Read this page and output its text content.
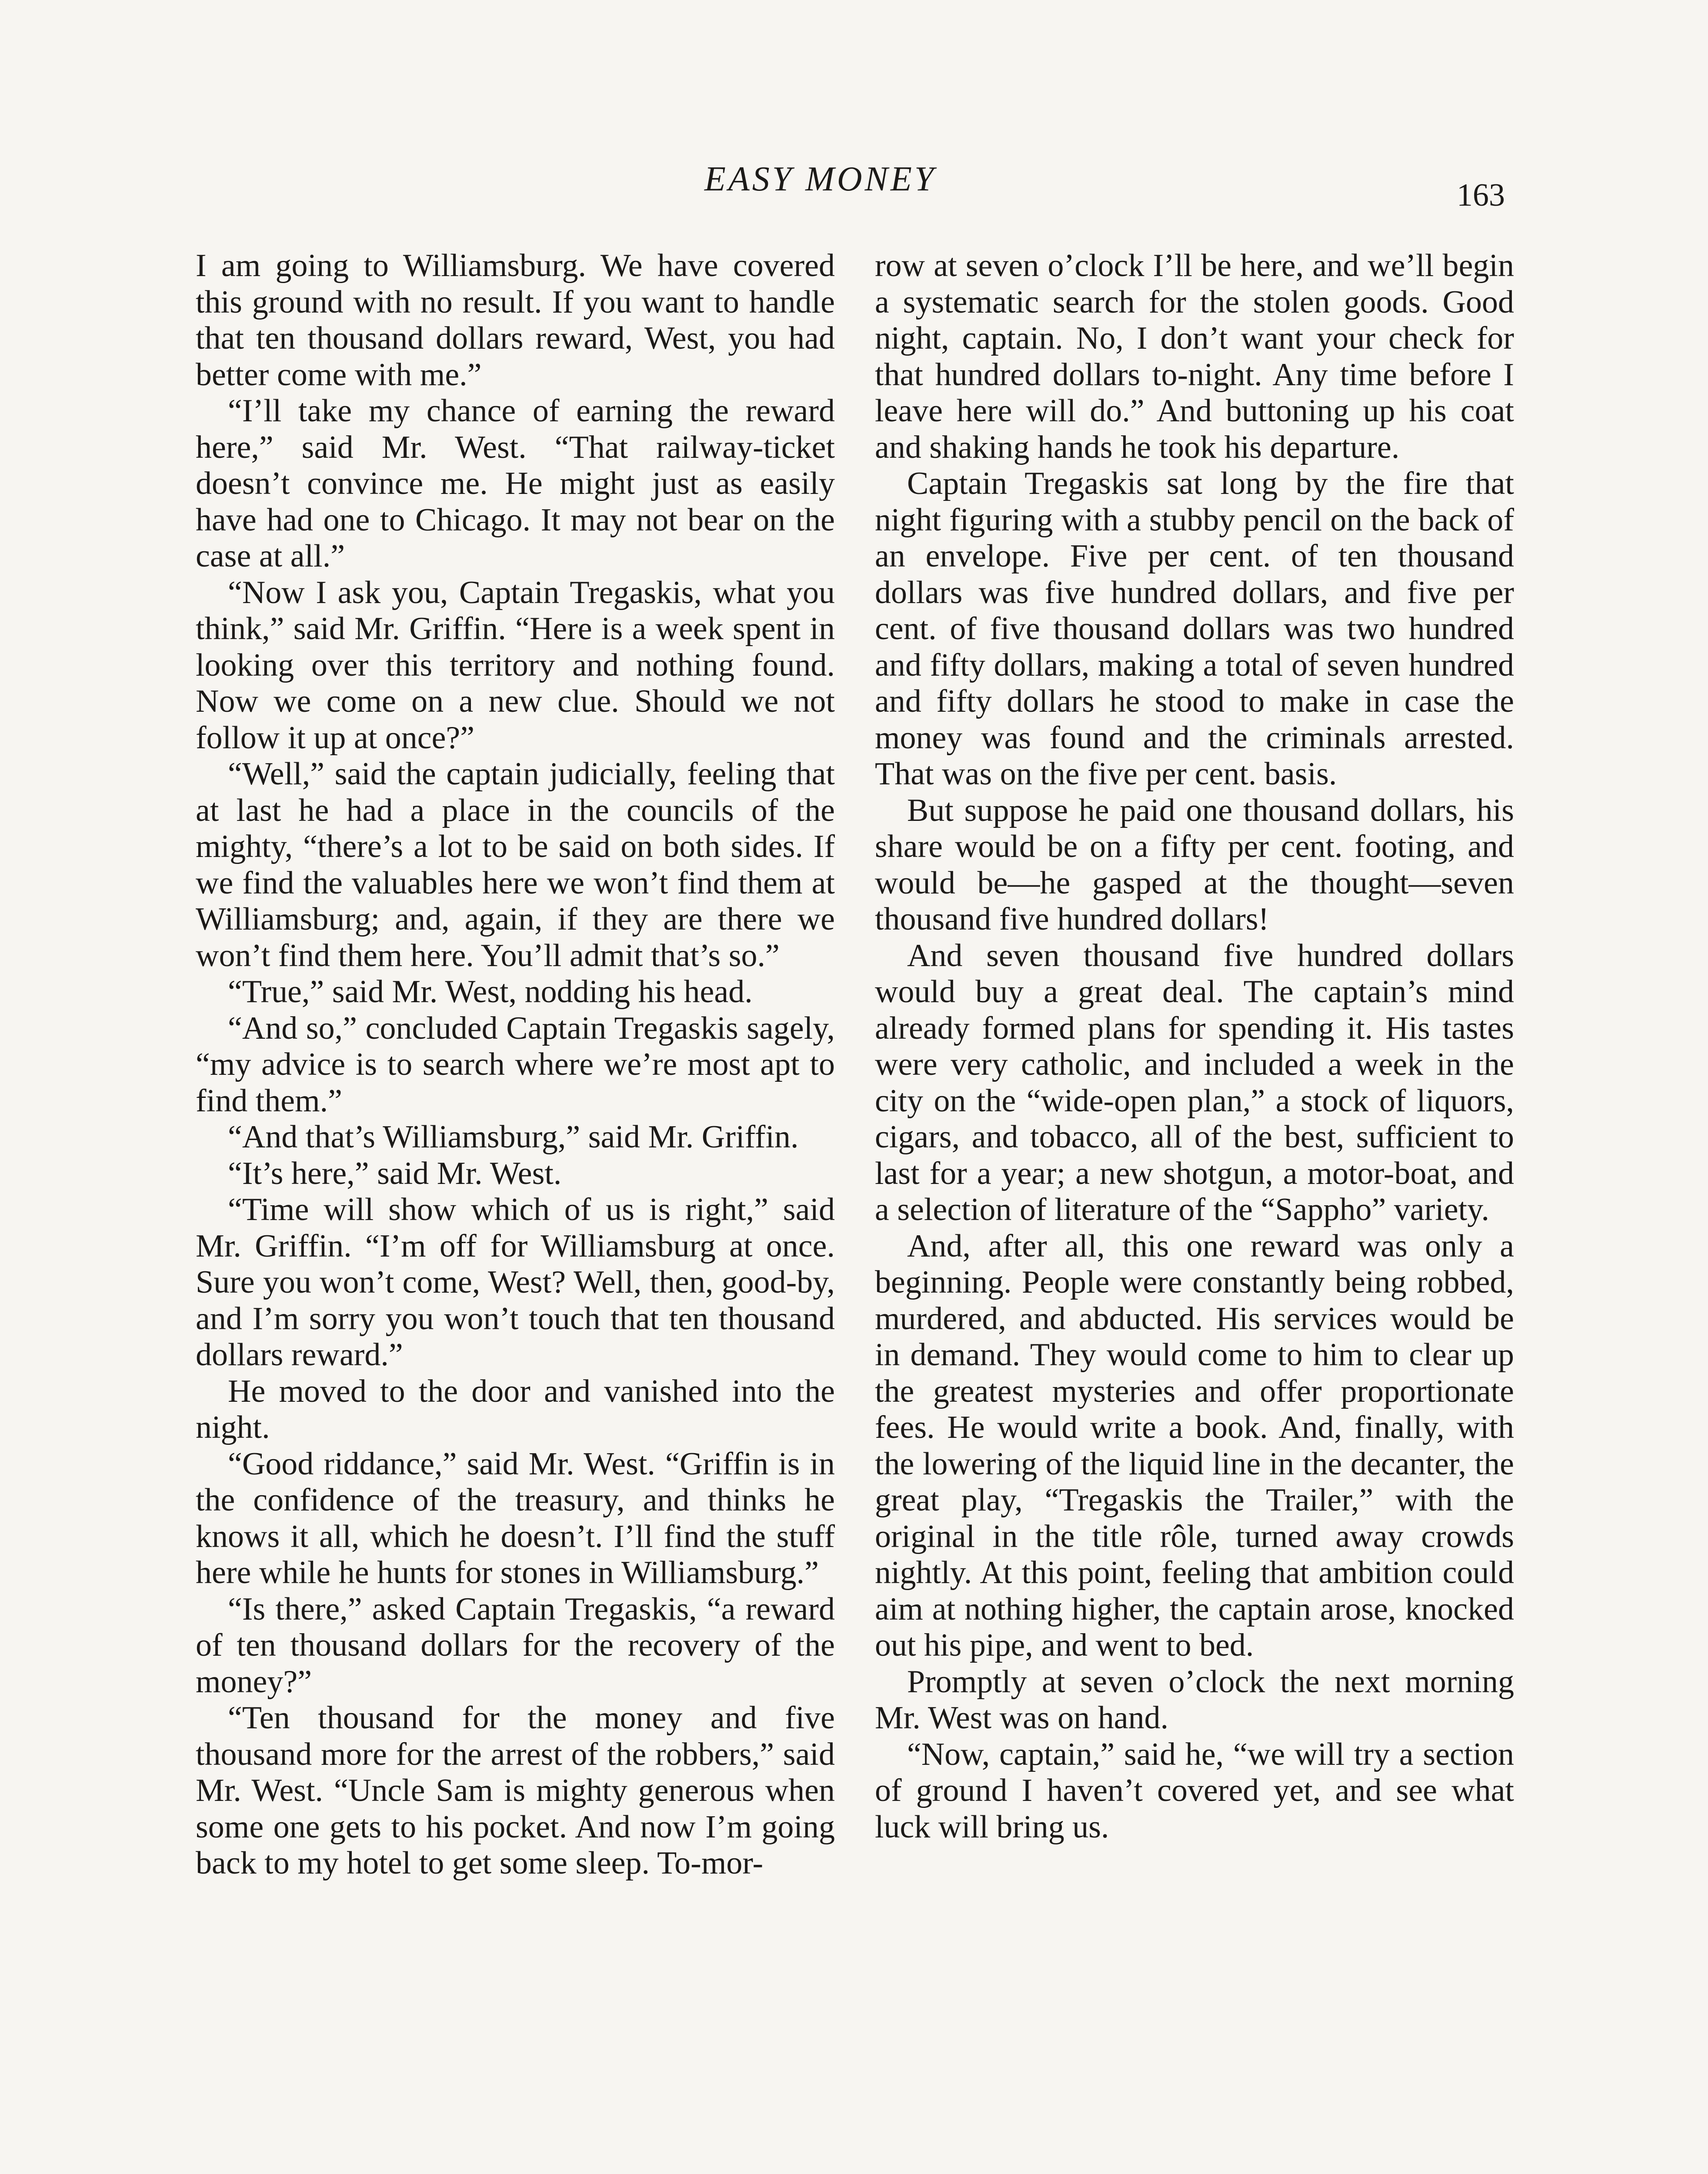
EASY MONEY	163

I am going to Williamsburg. We have covered this ground with no result. If you want to handle that ten thousand dollars reward, West, you had better come with me.”

“I’ll take my chance of earning the reward here,” said Mr. West. “That railway-ticket doesn’t convince me. He might just as easily have had one to Chicago. It may not bear on the case at all.”

“Now I ask you, Captain Tregaskis, what you think,” said Mr. Griffin. “Here is a week spent in looking over this territory and nothing found. Now we come on a new clue. Should we not follow it up at once?”

“Well,” said the captain judicially, feeling that at last he had a place in the councils of the mighty, “there’s a lot to be said on both sides. If we find the valuables here we won’t find them at Williamsburg; and, again, if they are there we won’t find them here. You’ll admit that’s so.”

“True,” said Mr. West, nodding his head.

“And so,” concluded Captain Tregaskis sagely, “my advice is to search where we’re most apt to find them.”

“And that’s Williamsburg,” said Mr. Griffin.

“It’s here,” said Mr. West.

“Time will show which of us is right,” said Mr. Griffin. “I’m off for Williamsburg at once. Sure you won’t come, West? Well, then, good-by, and I’m sorry you won’t touch that ten thousand dollars reward.”

He moved to the door and vanished into the night.

“Good riddance,” said Mr. West. “Griffin is in the confidence of the treasury, and thinks he knows it all, which he doesn’t. I’ll find the stuff here while he hunts for stones in Williamsburg.”

“Is there,” asked Captain Tregaskis, “a reward of ten thousand dollars for the recovery of the money?”

“Ten thousand for the money and five thousand more for the arrest of the robbers,” said Mr. West. “Uncle Sam is mighty generous when some one gets to his pocket. And now I’m going back to my hotel to get some sleep. To-mor-

row at seven o’clock I’ll be here, and we’ll begin a systematic search for the stolen goods. Good night, captain. No, I don’t want your check for that hundred dollars to-night. Any time before I leave here will do.” And buttoning up his coat and shaking hands he took his departure.

Captain Tregaskis sat long by the fire that night figuring with a stubby pencil on the back of an envelope. Five per cent. of ten thousand dollars was five hundred dollars, and five per cent. of five thousand dollars was two hundred and fifty dollars, making a total of seven hundred and fifty dollars he stood to make in case the money was found and the criminals arrested. That was on the five per cent. basis.

But suppose he paid one thousand dollars, his share would be on a fifty per cent. footing, and would be—he gasped at the thought—seven thousand five hundred dollars!

And seven thousand five hundred dollars would buy a great deal. The captain’s mind already formed plans for spending it. His tastes were very catholic, and included a week in the city on the “wide-open plan,” a stock of liquors, cigars, and tobacco, all of the best, sufficient to last for a year; a new shotgun, a motor-boat, and a selection of literature of the “Sappho” variety.

And, after all, this one reward was only a beginning. People were constantly being robbed, murdered, and abducted. His services would be in demand. They would come to him to clear up the greatest mysteries and offer proportionate fees. He would write a book. And, finally, with the lowering of the liquid line in the decanter, the great play, “Tregaskis the Trailer,” with the original in the title rôle, turned away crowds nightly. At this point, feeling that ambition could aim at nothing higher, the captain arose, knocked out his pipe, and went to bed.

Promptly at seven o’clock the next morning Mr. West was on hand.

“Now, captain,” said he, “we will try a section of ground I haven’t covered yet, and see what luck will bring us.
